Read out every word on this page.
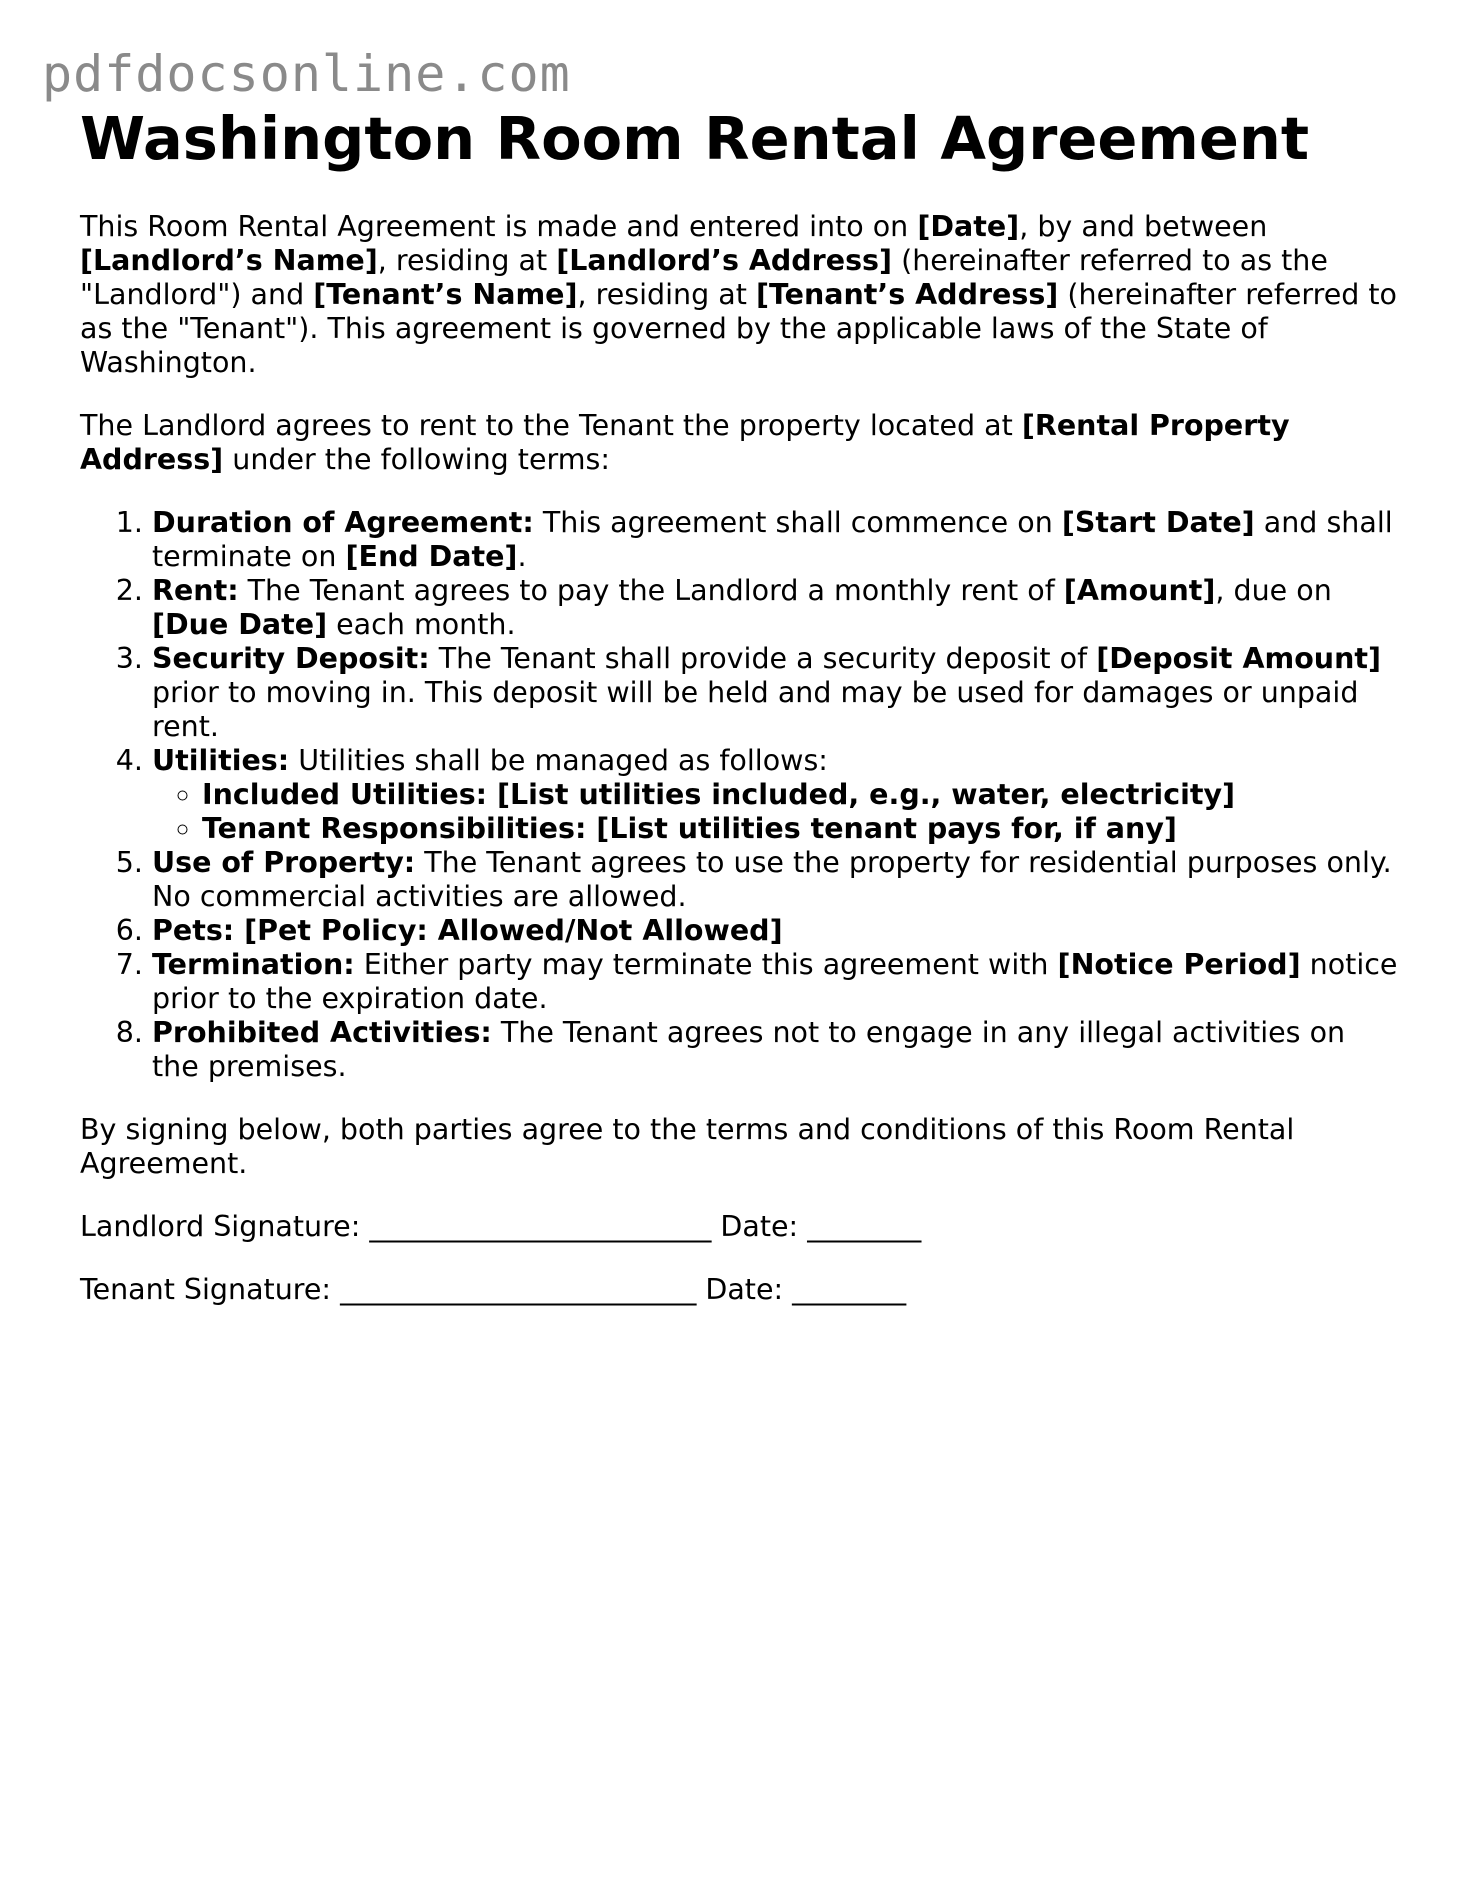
pdfdocsonline.com
Washington Room Rental Agreement

This Room Rental Agreement is made and entered into on [Date], by and between [Landlord’s Name], residing at [Landlord’s Address] (hereinafter referred to as the "Landlord") and [Tenant’s Name], residing at [Tenant’s Address] (hereinafter referred to as the "Tenant"). This agreement is governed by the applicable laws of the State of Washington.

The Landlord agrees to rent to the Tenant the property located at [Rental Property Address] under the following terms:

1. Duration of Agreement: This agreement shall commence on [Start Date] and shall terminate on [End Date].
2. Rent: The Tenant agrees to pay the Landlord a monthly rent of [Amount], due on [Due Date] each month.
3. Security Deposit: The Tenant shall provide a security deposit of [Deposit Amount] prior to moving in. This deposit will be held and may be used for damages or unpaid rent.
4. Utilities: Utilities shall be managed as follows:
◦ Included Utilities: [List utilities included, e.g., water, electricity]
◦ Tenant Responsibilities: [List utilities tenant pays for, if any]
5. Use of Property: The Tenant agrees to use the property for residential purposes only. No commercial activities are allowed.
6. Pets: [Pet Policy: Allowed/Not Allowed]
7. Termination: Either party may terminate this agreement with [Notice Period] notice prior to the expiration date.
8. Prohibited Activities: The Tenant agrees not to engage in any illegal activities on the premises.

By signing below, both parties agree to the terms and conditions of this Room Rental Agreement.

Landlord Signature: ________________________ Date: ________

Tenant Signature: _________________________ Date: ________
